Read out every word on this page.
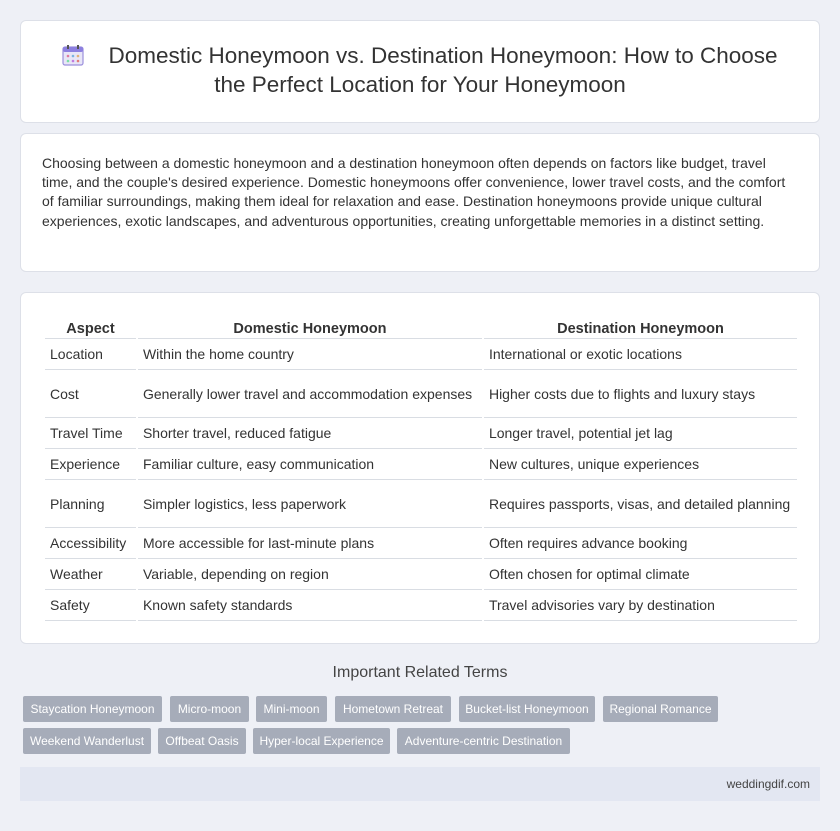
Domestic Honeymoon vs. Destination Honeymoon: How to Choose the Perfect Location for Your Honeymoon

Choosing between a domestic honeymoon and a destination honeymoon often depends on factors like budget, travel time, and the couple's desired experience. Domestic honeymoons offer convenience, lower travel costs, and the comfort of familiar surroundings, making them ideal for relaxation and ease. Destination honeymoons provide unique cultural experiences, exotic landscapes, and adventurous opportunities, creating unforgettable memories in a distinct setting.

Aspect	Domestic Honeymoon	Destination Honeymoon
Location	Within the home country	International or exotic locations
Cost	Generally lower travel and accommodation expenses	Higher costs due to flights and luxury stays
Travel Time	Shorter travel, reduced fatigue	Longer travel, potential jet lag
Experience	Familiar culture, easy communication	New cultures, unique experiences
Planning	Simpler logistics, less paperwork	Requires passports, visas, and detailed planning
Accessibility	More accessible for last-minute plans	Often requires advance booking
Weather	Variable, depending on region	Often chosen for optimal climate
Safety	Known safety standards	Travel advisories vary by destination
Important Related Terms
Staycation Honeymoon	Micro-moon	Mini-moon	Hometown Retreat	Bucket-list Honeymoon	Regional Romance
Weekend Wanderlust	Offbeat Oasis	Hyper-local Experience	Adventure-centric Destination
weddingdif.com
